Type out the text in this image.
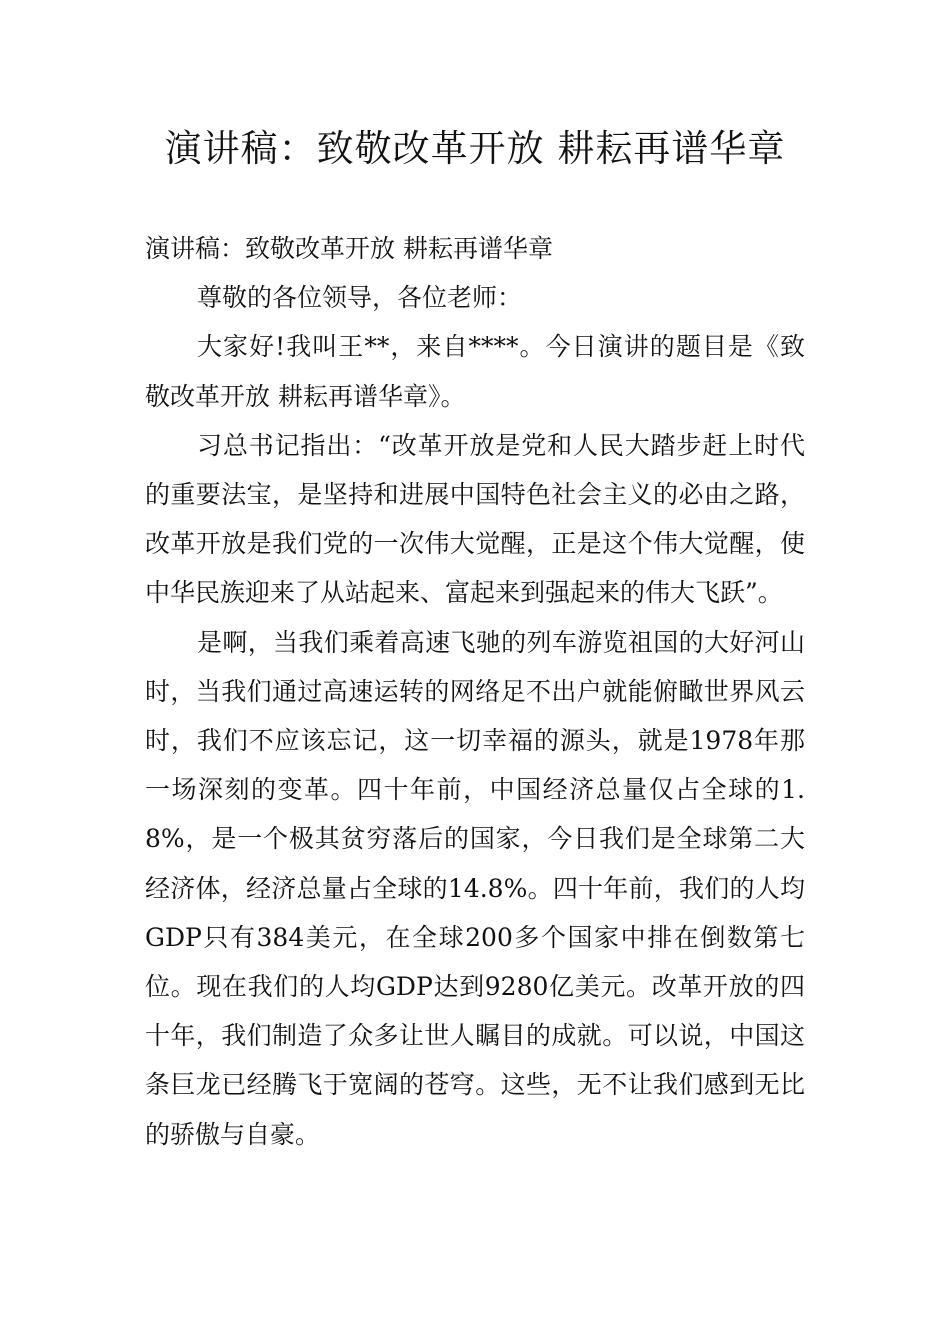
演讲稿：致敬改革开放 耕耘再谱华章

演讲稿：致敬改革开放 耕耘再谱华章

尊敬的各位领导，各位老师：

大家好!我叫王**，来自****。今日演讲的题目是《致敬改革开放 耕耘再谱华章》。

习总书记指出：“改革开放是党和人民大踏步赶上时代的重要法宝，是坚持和进展中国特色社会主义的必由之路，改革开放是我们党的一次伟大觉醒，正是这个伟大觉醒，使中华民族迎来了从站起来、富起来到强起来的伟大飞跃”。

是啊，当我们乘着高速飞驰的列车游览祖国的大好河山时，当我们通过高速运转的网络足不出户就能俯瞰世界风云时，我们不应该忘记，这一切幸福的源头，就是1978年那一场深刻的变革。四十年前，中国经济总量仅占全球的1.8%，是一个极其贫穷落后的国家，今日我们是全球第二大经济体，经济总量占全球的14.8%。四十年前，我们的人均GDP只有384美元，在全球200多个国家中排在倒数第七位。现在我们的人均GDP达到9280亿美元。改革开放的四十年，我们制造了众多让世人瞩目的成就。可以说，中国这条巨龙已经腾飞于宽阔的苍穹。这些，无不让我们感到无比的骄傲与自豪。
